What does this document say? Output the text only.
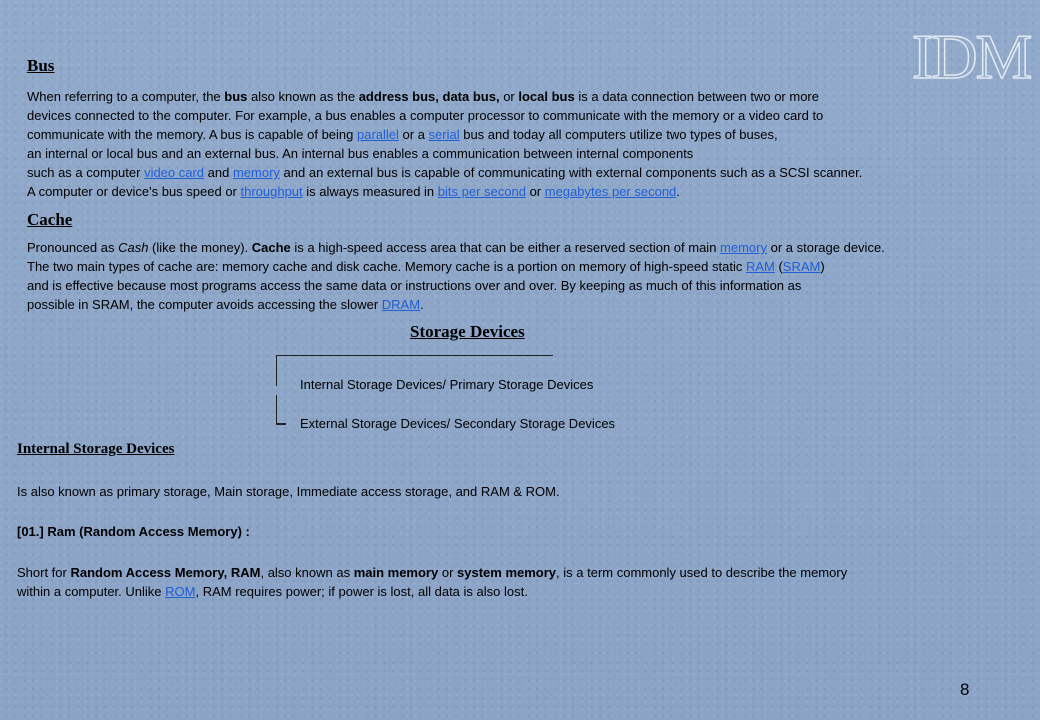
IDM
Bus
When referring to a computer, the bus also known as the address bus, data bus, or local bus is a data connection between two or more
devices connected to the computer. For example, a bus enables a computer processor to communicate with the memory or a video card to
communicate with the memory. A bus is capable of being parallel or a serial bus and today all computers utilize two types of buses,
an internal or local bus and an external bus. An internal bus enables a communication between internal components
such as a computer video card and memory and an external bus is capable of communicating with external components such as a SCSI scanner.
A computer or device's bus speed or throughput is always measured in bits per second or megabytes per second.
Cache
Pronounced as Cash (like the money). Cache is a high-speed access area that can be either a reserved section of main memory or a storage device.
The two main types of cache are: memory cache and disk cache. Memory cache is a portion on memory of high-speed static RAM (SRAM)
and is effective because most programs access the same data or instructions over and over. By keeping as much of this information as
possible in SRAM, the computer avoids accessing the slower DRAM.
Storage Devices
Internal Storage Devices/ Primary Storage Devices
External Storage Devices/ Secondary Storage Devices
Internal Storage Devices
Is also known as primary storage, Main storage, Immediate access storage, and RAM & ROM.
[01.] Ram (Random Access Memory) :
Short for Random Access Memory, RAM, also known as main memory or system memory, is a term commonly used to describe the memory
within a computer. Unlike ROM, RAM requires power; if power is lost, all data is also lost.
8
